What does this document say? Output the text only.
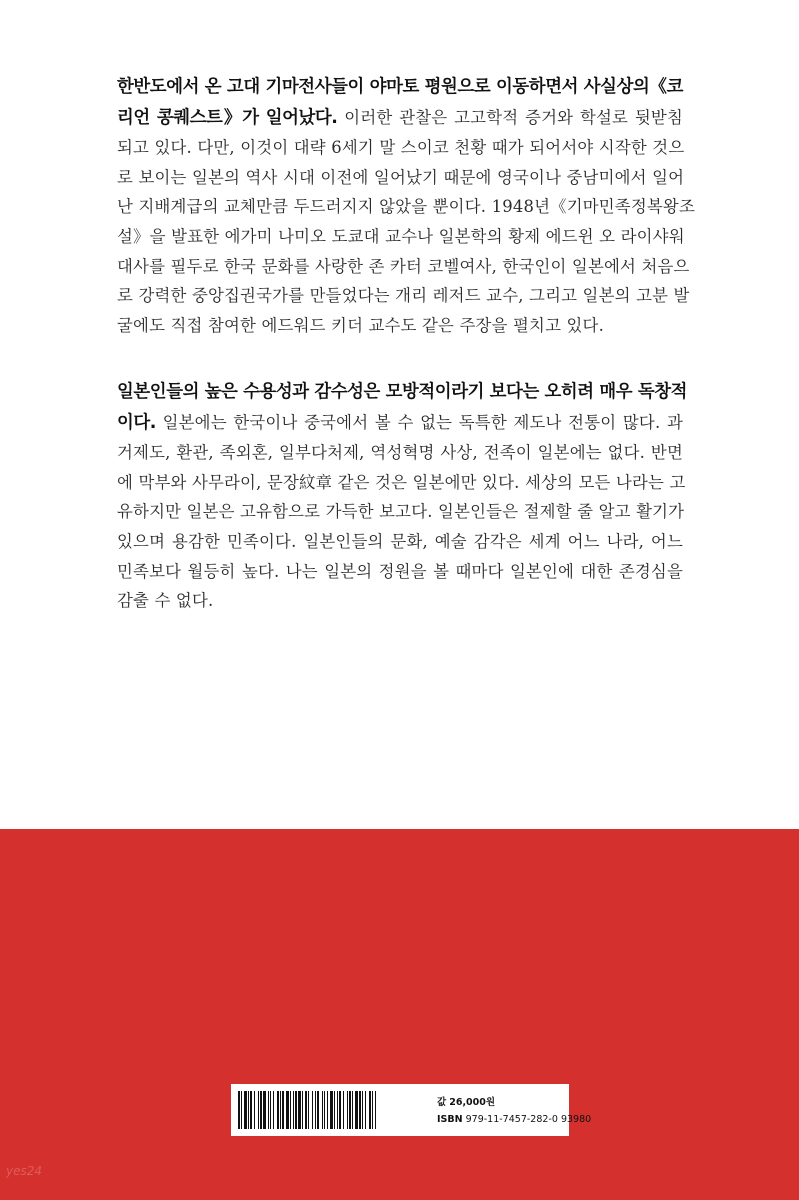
한반도에서 온 고대 기마전사들이 야마토 평원으로 이동하면서 사실상의《코
리언 콩퀘스트》가 일어났다. 이러한 관찰은 고고학적 증거와 학설로 뒷받침
되고 있다. 다만, 이것이 대략 6세기 말 스이코 천황 때가 되어서야 시작한 것으
로 보이는 일본의 역사 시대 이전에 일어났기 때문에 영국이나 중남미에서 일어
난 지배계급의 교체만큼 두드러지지 않았을 뿐이다. 1948년《기마민족정복왕조
설》을 발표한 에가미 나미오 도쿄대 교수나 일본학의 황제 에드윈 오 라이샤워
대사를 필두로 한국 문화를 사랑한 존 카터 코벨여사, 한국인이 일본에서 처음으
로 강력한 중앙집권국가를 만들었다는 개리 레저드 교수, 그리고 일본의 고분 발
굴에도 직접 참여한 에드워드 키더 교수도 같은 주장을 펼치고 있다.
일본인들의 높은 수용성과 감수성은 모방적이라기 보다는 오히려 매우 독창적
이다. 일본에는 한국이나 중국에서 볼 수 없는 독특한 제도나 전통이 많다. 과
거제도, 환관, 족외혼, 일부다처제, 역성혁명 사상, 전족이 일본에는 없다. 반면
에 막부와 사무라이, 문장紋章 같은 것은 일본에만 있다. 세상의 모든 나라는 고
유하지만 일본은 고유함으로 가득한 보고다. 일본인들은 절제할 줄 알고 활기가
있으며 용감한 민족이다. 일본인들의 문화, 예술 감각은 세계 어느 나라, 어느
민족보다 월등히 높다. 나는 일본의 정원을 볼 때마다 일본인에 대한 존경심을
감출 수 없다.
값 26,000원
ISBN 979-11-7457-282-0 93980
yes24
